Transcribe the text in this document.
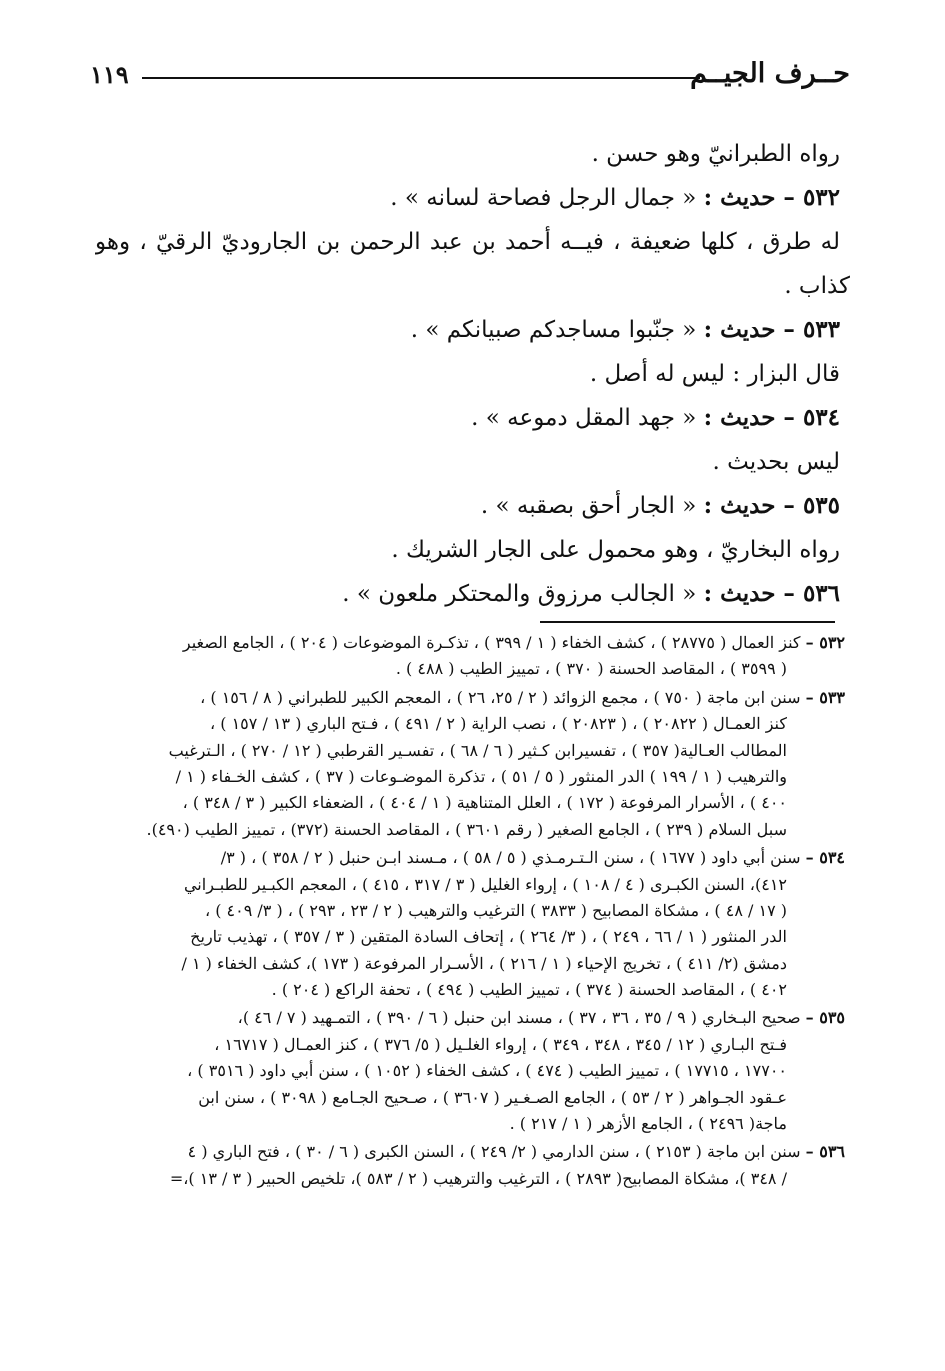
حــرف الجيــم
١١٩
رواه الطبرانيّ وهو حسن .
٥٣٢ – حديث : « جمال الرجل فصاحة لسانه » .
له طرق ، كلها ضعيفة ، فيــه أحمد بن عبد الرحمن بن الجاروديّ الرقيّ ، وهو
كذاب .
٥٣٣ – حديث : « جنّبوا مساجدكم صبيانكم » .
قال البزار : ليس له أصل .
٥٣٤ – حديث : « جهد المقل دموعه » .
ليس بحديث .
٥٣٥ – حديث : « الجار أحق بصقبه » .
رواه البخاريّ ، وهو محمول على الجار الشريك .
٥٣٦ – حديث : « الجالب مرزوق والمحتكر ملعون » .
٥٣٢ – كنز العمال ( ٢٨٧٧٥ ) ، كشف الخفاء ( ١ / ٣٩٩ ) ، تذكـرة الموضوعات ( ٢٠٤ ) ، الجامع الصغير
( ٣٥٩٩ ) ، المقاصد الحسنة ( ٣٧٠ ) ، تمييز الطيب ( ٤٨٨ ) .
٥٣٣ – سنن ابن ماجة ( ٧٥٠ ) ، مجمع الزوائد ( ٢ / ٢٥، ٢٦ ) ، المعجم الكبير للطبراني ( ٨ / ١٥٦ ) ،
كنز العمـال ( ٢٠٨٢٢ ) ، ( ٢٠٨٢٣ ) ، نصب الراية ( ٢ / ٤٩١ ) ، فـتح الباري ( ١٣ / ١٥٧ ) ،
المطالب العـالية( ٣٥٧ ) ، تفسيرابن كـثير ( ٦ / ٦٨ ) ، تفسـير القرطبي ( ١٢ / ٢٧٠ ) ، الـترغيب
والترهيب ( ١ / ١٩٩ ) الدر المنثور ( ٥ / ٥١ ) ، تذكرة الموضـوعات ( ٣٧ ) ، كشف الخـفاء ( ١ /
٤٠٠ ) ، الأسرار المرفوعة ( ١٧٢ ) ، العلل المتناهية ( ١ / ٤٠٤ ) ، الضعفاء الكبير ( ٣ / ٣٤٨ ) ،
سبل السلام ( ٢٣٩ ) ، الجامع الصغير ( رقم ٣٦٠١ ) ، المقاصد الحسنة (٣٧٢) ، تمييز الطيب (٤٩٠).
٥٣٤ – سنن أبي داود ( ١٦٧٧ ) ، سنن الـتـرمـذي ( ٥ / ٥٨ ) ، مـسند ابـن حنبل ( ٢ / ٣٥٨ ) ، ( ٣/
٤١٢)، السنن الكبـرى ( ٤ / ١٠٨ ) ، إرواء الغليل ( ٣ / ٣١٧ ، ٤١٥ ) ، المعجم الكبـير للطبـراني
( ١٧ / ٤٨ ) ، مشكاة المصابيح ( ٣٨٣٣ ) الترغيب والترهيب ( ٢ / ٢٣ ، ٢٩٣ ) ، ( ٣/ ٤٠٩ ) ،
الدر المنثور ( ١ / ٦٦ ، ٢٤٩ ) ، ( ٣/ ٢٦٤ ) ، إتحاف السادة المتقين ( ٣ / ٣٥٧ ) ، تهذيب تاريخ
دمشق (٢/ ٤١١ ) ، تخريج الإحياء ( ١ / ٢١٦ ) ، الأسـرار المرفوعة ( ١٧٣ )، كشف الخفاء ( ١ /
٤٠٢ ) ، المقاصد الحسنة ( ٣٧٤ ) ، تمييز الطيب ( ٤٩٤ ) ، تحفة الراكع ( ٢٠٤ ) .
٥٣٥ – صحيح البـخاري ( ٩ / ٣٥ ، ٣٦ ، ٣٧ ) ، مسند ابن حنبل ( ٦ / ٣٩٠ ) ، التمـهيد ( ٧ / ٤٦ )،
فـتح البـاري ( ١٢ / ٣٤٥ ، ٣٤٨ ، ٣٤٩ ) ، إرواء الغلـيل ( ٥/ ٣٧٦ ) ، كنز العمـال ( ١٦٧١٧ ،
١٧٧٠٠ ، ١٧٧١٥ ) ، تمييز الطيب ( ٤٧٤ ) ، كشف الخفاء ( ١٠٥٢ ) ، سنن أبي داود ( ٣٥١٦ ) ،
عـقود الجـواهر ( ٢ / ٥٣ ) ، الجامع الصـغـير ( ٣٦٠٧ ) ، صـحيح الجـامع ( ٣٠٩٨ ) ، سنن ابن
ماجة( ٢٤٩٦ ) ، الجامع الأزهر ( ١ / ٢١٧ ) .
٥٣٦ – سنن ابن ماجة ( ٢١٥٣ ) ، سنن الدارمي ( ٢/ ٢٤٩ ) ، السنن الكبرى ( ٦ / ٣٠ ) ، فتح الباري ( ٤
/ ٣٤٨ )، مشكاة المصابيح( ٢٨٩٣ ) ، الترغيب والترهيب ( ٢ / ٥٨٣ )، تلخيص الحبير ( ٣ / ١٣ )،=
